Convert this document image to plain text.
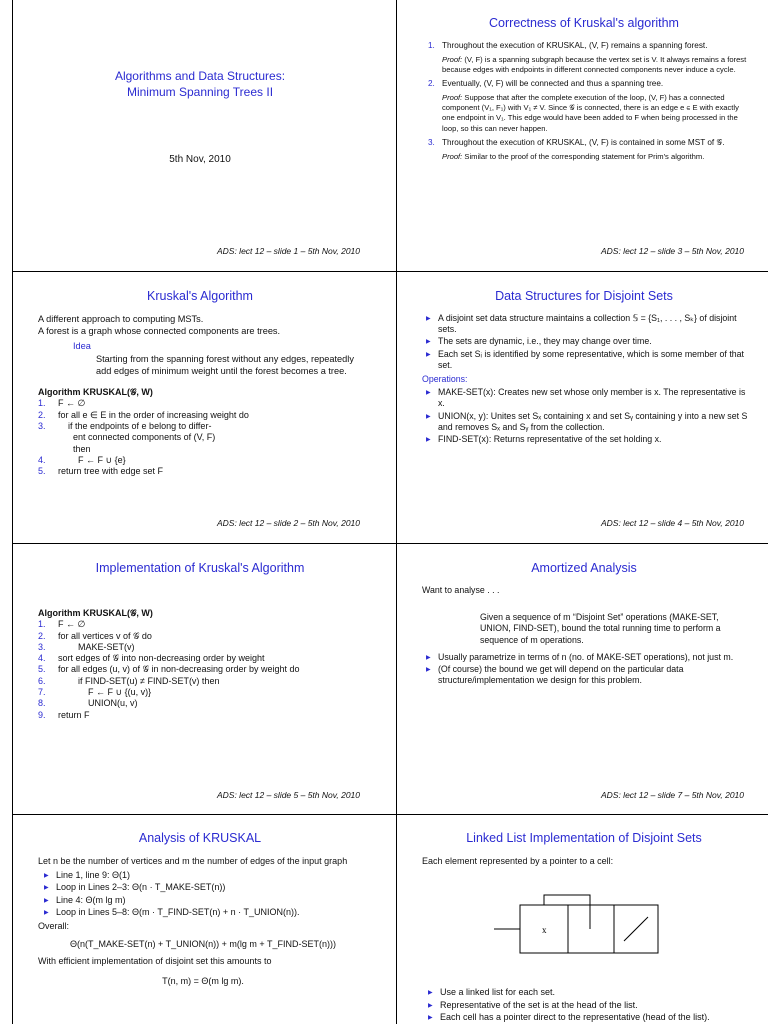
Algorithms and Data Structures:
Minimum Spanning Trees II
5th Nov, 2010
ADS: lect 12 – slide 1 – 5th Nov, 2010
Correctness of Kruskal's algorithm
1. Throughout the execution of KRUSKAL, (V, F) remains a spanning forest.
Proof: (V, F) is a spanning subgraph because the vertex set is V. It always remains a forest because edges with endpoints in different connected components never induce a cycle.
2. Eventually, (V, F) will be connected and thus a spanning tree.
Proof: Suppose that after the complete execution of the loop, (V, F) has a connected component (V₁, F₁) with V₁ ≠ V. Since 𝒢 is connected, there is an edge e ∈ E with exactly one endpoint in V₁. This edge would have been added to F when being processed in the loop, so this can never happen.
3. Throughout the execution of KRUSKAL, (V, F) is contained in some MST of 𝒢.
Proof: Similar to the proof of the corresponding statement for Prim's algorithm.
ADS: lect 12 – slide 3 – 5th Nov, 2010
Kruskal's Algorithm
A different approach to computing MSTs.
A forest is a graph whose connected components are trees.
Idea
Starting from the spanning forest without any edges, repeatedly add edges of minimum weight until the forest becomes a tree.
Algorithm KRUSKAL(𝒢, W)
1.	F ← ∅
2.	for all e ∈ E in the order of increasing weight do
3.	if the endpoints of e belong to differ-
ent connected components of (V, F)
then
4.	F ← F ∪ {e}
5.	return tree with edge set F
ADS: lect 12 – slide 2 – 5th Nov, 2010
Data Structures for Disjoint Sets
▶ A disjoint set data structure maintains a collection 𝕊 = {S₁, . . . , Sₖ} of disjoint sets.
▶ The sets are dynamic, i.e., they may change over time.
▶ Each set Sᵢ is identified by some representative, which is some member of that set.
Operations:
▶ MAKE-SET(x): Creates new set whose only member is x. The representative is x.
▶ UNION(x, y): Unites set Sₓ containing x and set Sᵧ containing y into a new set S and removes Sₓ and Sᵧ from the collection.
▶ FIND-SET(x): Returns representative of the set holding x.
ADS: lect 12 – slide 4 – 5th Nov, 2010
Implementation of Kruskal's Algorithm
Algorithm KRUSKAL(𝒢, W)
1.	F ← ∅
2.	for all vertices v of 𝒢 do
3.	MAKE-SET(v)
4.	sort edges of 𝒢 into non-decreasing order by weight
5.	for all edges (u, v) of 𝒢 in non-decreasing order by weight do
6.	if FIND-SET(u) ≠ FIND-SET(v) then
7.	F ← F ∪ {(u, v)}
8.	UNION(u, v)
9.	return F
ADS: lect 12 – slide 5 – 5th Nov, 2010
Amortized Analysis
Want to analyse . . .
Given a sequence of m “Disjoint Set” operations (MAKE-SET, UNION, FIND-SET), bound the total running time to perform a sequence of m operations.
▶ Usually parametrize in terms of n (no. of MAKE-SET operations), not just m.
▶ (Of course) the bound we get will depend on the particular data structure/implementation we design for this problem.
ADS: lect 12 – slide 7 – 5th Nov, 2010
Analysis of KRUSKAL
Let n be the number of vertices and m the number of edges of the input graph
▶ Line 1, line 9: Θ(1)
▶ Loop in Lines 2–3: Θ(n · T_MAKE-SET(n))
▶ Line 4: Θ(m lg m)
▶ Loop in Lines 5–8: Θ(m · T_FIND-SET(n) + n · T_UNION(n)).
Overall:
Θ(n(T_MAKE-SET(n) + T_UNION(n)) + m(lg m + T_FIND-SET(n)))
With efficient implementation of disjoint set this amounts to
T(n, m) = Θ(m lg m).
Linked List Implementation of Disjoint Sets
Each element represented by a pointer to a cell:
x
▶ Use a linked list for each set.
▶ Representative of the set is at the head of the list.
▶ Each cell has a pointer direct to the representative (head of the list).
